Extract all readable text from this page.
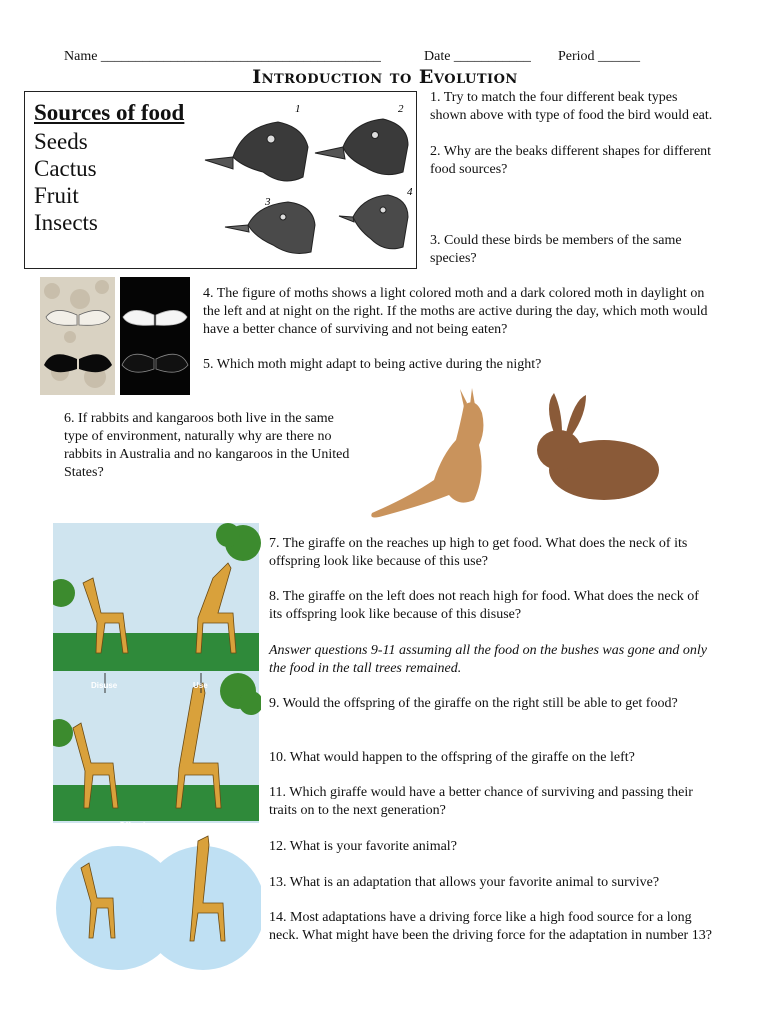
Name ________________________________________	Date ___________ Period ______
Introduction to Evolution
Sources of food
Seeds
Cactus
Fruit
Insects
1	2
3
4
1. Try to match the four different beak types shown above with type of food the bird would eat.
2. Why are the beaks different shapes for different food sources?
3. Could these birds be members of the same species?
4. The figure of moths shows a light colored moth and a dark colored moth in daylight on the left and at night on the right. If the moths are active during the day, which moth would have a better chance of surviving and not being eaten?
5. Which moth might adapt to being active during the night?
6. If rabbits and kangaroos both live in the same type of environment, naturally why are there no rabbits in Australia and no kangaroos in the United States?
Disuse	Use
Offspring
(inheritance of
acquired traits)
7. The giraffe on the reaches up high to get food. What does the neck of its offspring look like because of this use?
8. The giraffe on the left does not reach high for food. What does the neck of its offspring look like because of this disuse?
Answer questions 9-11 assuming all the food on the bushes was gone and only the food in the tall trees remained.
9. Would the offspring of the giraffe on the right still be able to get food?
10. What would happen to the offspring of the giraffe on the left?
11. Which giraffe would have a better chance of surviving and passing their traits on to the next generation?
12. What is your favorite animal?
13. What is an adaptation that allows your favorite animal to survive?
14. Most adaptations have a driving force like a high food source for a long neck. What might have been the driving force for the adaptation in number 13?
